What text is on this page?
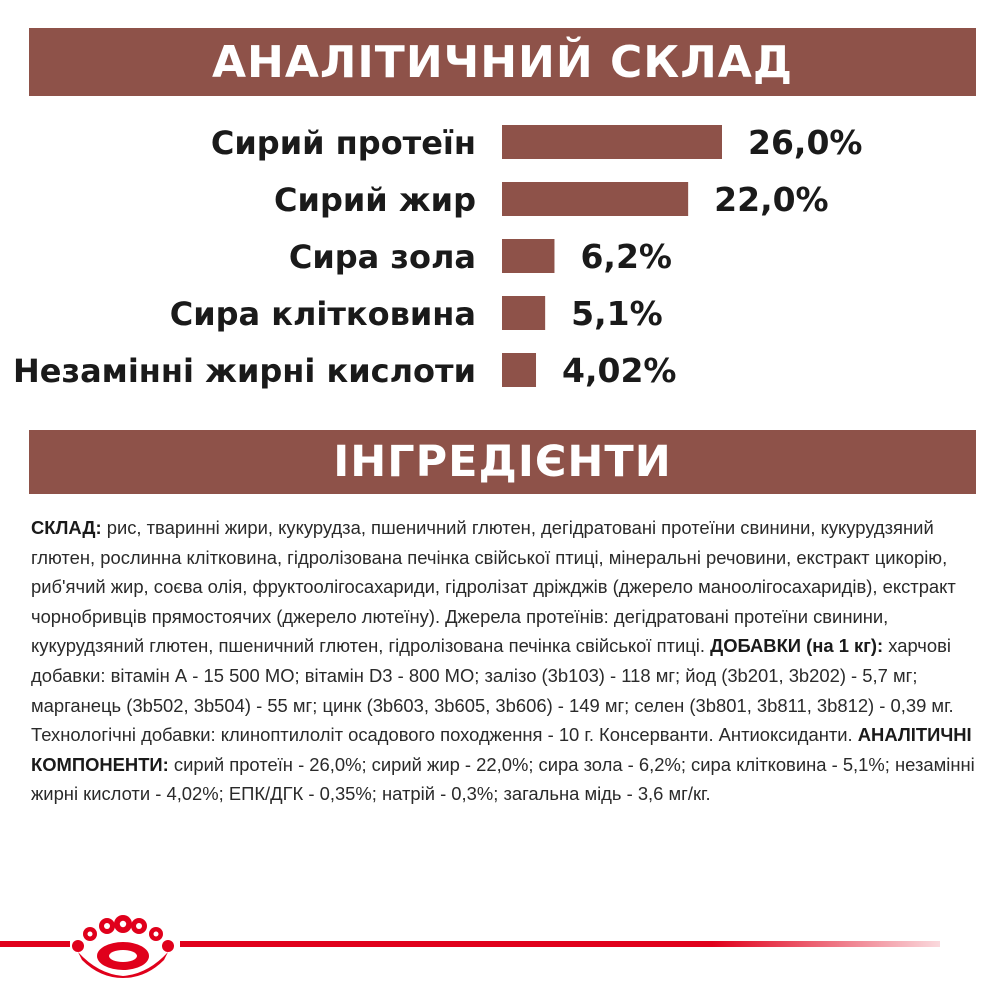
АНАЛІТИЧНИЙ СКЛАД
Сирий протеїн	26,0%
Сирий жир	22,0%
Сира зола	6,2%
Сира клітковина	5,1%
Незамінні жирні кислоти	4,02%
ІНГРЕДІЄНТИ
СКЛАД: рис, тваринні жири, кукурудза, пшеничний глютен, дегідратовані протеїни свинини, кукурудзяний глютен, рослинна клітковина, гідролізована печінка свійської птиці, мінеральні речовини, екстракт цикорію, риб'ячий жир, соєва олія, фруктоолігосахариди, гідролізат дріжджів (джерело маноолігосахаридів), екстракт чорнобривців прямостоячих (джерело лютеїну). Джерела протеїнів: дегідратовані протеїни свинини, кукурудзяний глютен, пшеничний глютен, гідролізована печінка свійської птиці. ДОБАВКИ (на 1 кг): харчові добавки: вітамін А - 15 500 МО; вітамін D3 - 800 МО; залізо (3b103) - 118 мг; йод (3b201, 3b202) - 5,7 мг; марганець (3b502, 3b504) - 55 мг; цинк (3b603, 3b605, 3b606) - 149 мг; селен (3b801, 3b811, 3b812) - 0,39 мг. Технологічні добавки: клиноптилоліт осадового походження - 10 г. Консерванти. Антиоксиданти. АНАЛІТИЧНІ КОМПОНЕНТИ: сирий протеїн - 26,0%; сирий жир - 22,0%; сира зола - 6,2%; сира клітковина - 5,1%; незамінні жирні кислоти - 4,02%; ЕПК/ДГК - 0,35%; натрій - 0,3%; загальна мідь - 3,6 мг/кг.
